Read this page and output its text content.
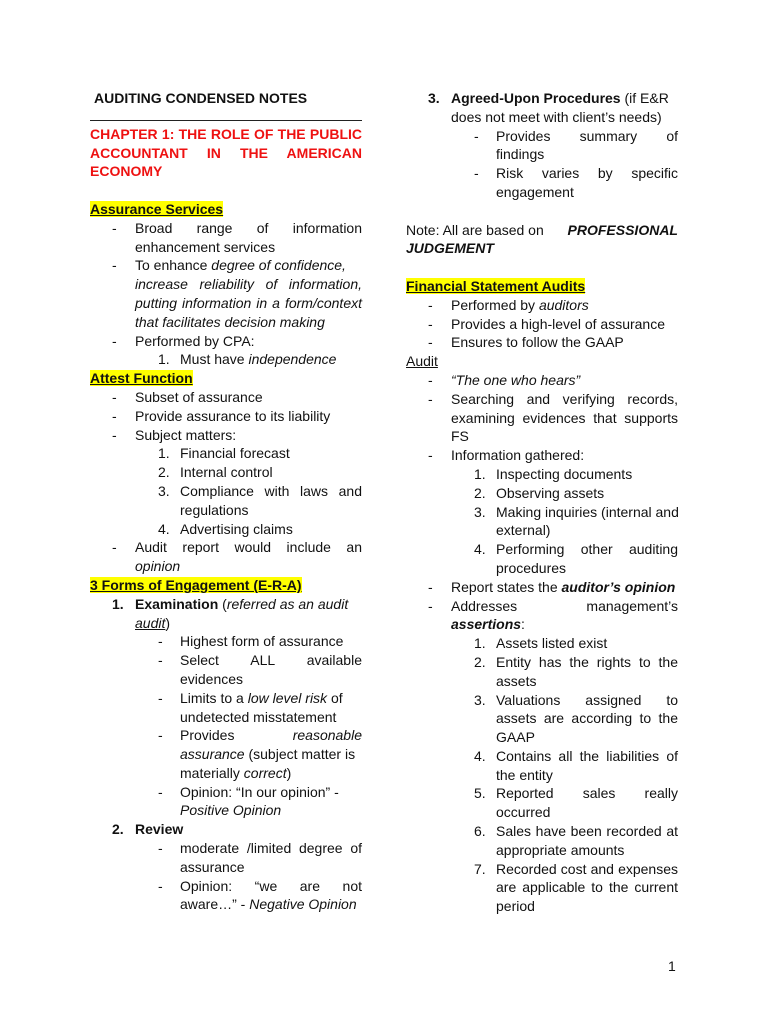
AUDITING CONDENSED NOTES
CHAPTER 1: THE ROLE OF THE PUBLIC
ACCOUNTANT IN THE AMERICAN
ECONOMY
Assurance Services
- Broad range of information
enhancement services
- To enhance degree of confidence,
increase reliability of information,
putting information in a form/context
that facilitates decision making
- Performed by CPA:
1. Must have independence
Attest Function
- Subset of assurance
- Provide assurance to its liability
- Subject matters:
1. Financial forecast
2. Internal control
3. Compliance with laws and
regulations
4. Advertising claims
- Audit report would include an
opinion
3 Forms of Engagement (E-R-A)
1. Examination (referred as an audit
audit)
- Highest form of assurance
- Select ALL available
evidences
- Limits to a low level risk of
undetected misstatement
- Provides	reasonable
assurance (subject matter is
materially correct)
- Opinion: “In our opinion” -
Positive Opinion
2. Review
- moderate /limited degree of
assurance
- Opinion: “we are not
aware…” - Negative Opinion
3. Agreed-Upon Procedures (if E&R
does not meet with client’s needs)
- Provides summary of
findings
- Risk varies by specific
engagement
Note: All are based on PROFESSIONAL
JUDGEMENT
Financial Statement Audits
- Performed by auditors
- Provides a high-level of assurance
- Ensures to follow the GAAP
Audit
- “The one who hears”
- Searching and verifying records,
examining evidences that supports
FS
- Information gathered:
1. Inspecting documents
2. Observing assets
3. Making inquiries (internal and
external)
4. Performing other auditing
procedures
- Report states the auditor’s opinion
- Addresses management’s
assertions:
1. Assets listed exist
2. Entity has the rights to the
assets
3. Valuations assigned to
assets are according to the
GAAP
4. Contains all the liabilities of
the entity
5. Reported sales really
occurred
6. Sales have been recorded at
appropriate amounts
7. Recorded cost and expenses
are applicable to the current
period
1
